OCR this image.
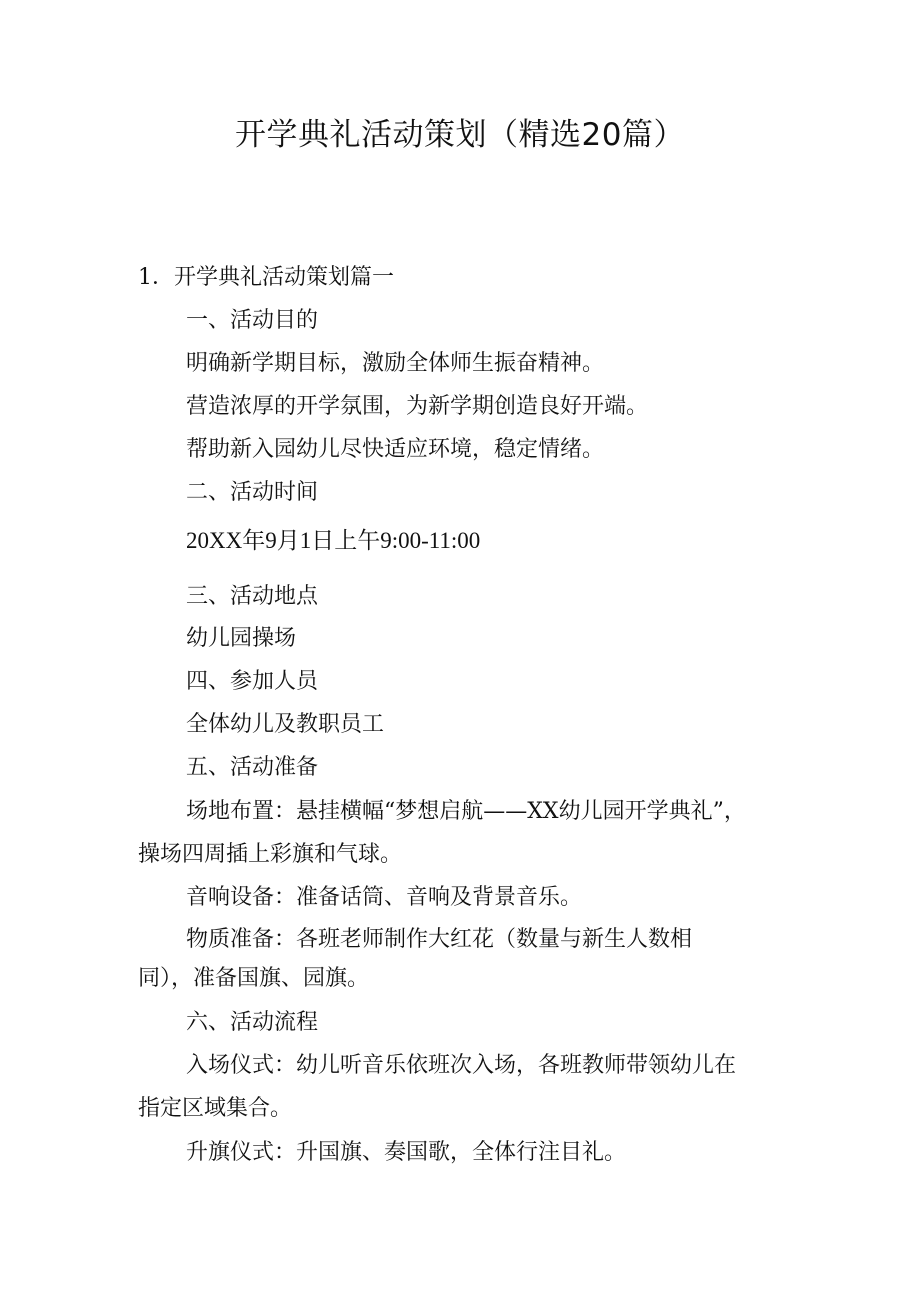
开学典礼活动策划（精选20篇）
1．开学典礼活动策划篇一
一、活动目的
明确新学期目标，激励全体师生振奋精神。
营造浓厚的开学氛围，为新学期创造良好开端。
帮助新入园幼儿尽快适应环境，稳定情绪。
二、活动时间
20XX年9月1日上午9:00-11:00
三、活动地点
幼儿园操场
四、参加人员
全体幼儿及教职员工
五、活动准备
场地布置：悬挂横幅“梦想启航——XX幼儿园开学典礼”，
操场四周插上彩旗和气球。
音响设备：准备话筒、音响及背景音乐。
物质准备：各班老师制作大红花（数量与新生人数相
同），准备国旗、园旗。
六、活动流程
入场仪式：幼儿听音乐依班次入场，各班教师带领幼儿在
指定区域集合。
升旗仪式：升国旗、奏国歌，全体行注目礼。
